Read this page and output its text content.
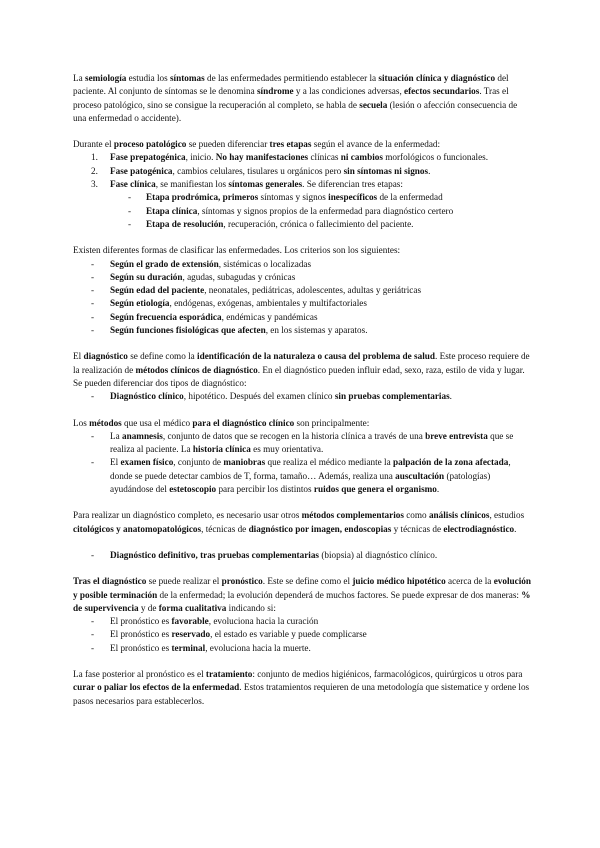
La semiología estudia los síntomas de las enfermedades permitiendo establecer la situación clínica y diagnóstico del paciente. Al conjunto de síntomas se le denomina síndrome y a las condiciones adversas, efectos secundarios. Tras el proceso patológico, sino se consigue la recuperación al completo, se habla de secuela (lesión o afección consecuencia de una enfermedad o accidente).

Durante el proceso patológico se pueden diferenciar tres etapas según el avance de la enfermedad:

1. Fase prepatogénica, inicio. No hay manifestaciones clínicas ni cambios morfológicos o funcionales.
2. Fase patogénica, cambios celulares, tisulares u orgánicos pero sin síntomas ni signos.
3. Fase clínica, se manifiestan los síntomas generales. Se diferencian tres etapas:
- Etapa prodrómica, primeros síntomas y signos inespecíficos de la enfermedad
- Etapa clínica, síntomas y signos propios de la enfermedad para diagnóstico certero
- Etapa de resolución, recuperación, crónica o fallecimiento del paciente.

Existen diferentes formas de clasificar las enfermedades. Los criterios son los siguientes:

- Según el grado de extensión, sistémicas o localizadas
- Según su duración, agudas, subagudas y crónicas
- Según edad del paciente, neonatales, pediátricas, adolescentes, adultas y geriátricas
- Según etiología, endógenas, exógenas, ambientales y multifactoriales
- Según frecuencia esporádica, endémicas y pandémicas
- Según funciones fisiológicas que afecten, en los sistemas y aparatos.

El diagnóstico se define como la identificación de la naturaleza o causa del problema de salud. Este proceso requiere de la realización de métodos clínicos de diagnóstico. En el diagnóstico pueden influir edad, sexo, raza, estilo de vida y lugar. Se pueden diferenciar dos tipos de diagnóstico:

- Diagnóstico clínico, hipotético. Después del examen clínico sin pruebas complementarias.

Los métodos que usa el médico para el diagnóstico clínico son principalmente:

- La anamnesis, conjunto de datos que se recogen en la historia clínica a través de una breve entrevista que se realiza al paciente. La historia clínica es muy orientativa.
- El examen físico, conjunto de maniobras que realiza el médico mediante la palpación de la zona afectada, donde se puede detectar cambios de T, forma, tamaño… Además, realiza una auscultación (patologías) ayudándose del estetoscopio para percibir los distintos ruidos que genera el organismo.

Para realizar un diagnóstico completo, es necesario usar otros métodos complementarios como análisis clínicos, estudios citológicos y anatomopatológicos, técnicas de diagnóstico por imagen, endoscopias y técnicas de electrodiagnóstico.

- Diagnóstico definitivo, tras pruebas complementarias (biopsia) al diagnóstico clínico.

Tras el diagnóstico se puede realizar el pronóstico. Este se define como el juicio médico hipotético acerca de la evolución y posible terminación de la enfermedad; la evolución dependerá de muchos factores. Se puede expresar de dos maneras: % de supervivencia y de forma cualitativa indicando si:

- El pronóstico es favorable, evoluciona hacia la curación
- El pronóstico es reservado, el estado es variable y puede complicarse
- El pronóstico es terminal, evoluciona hacia la muerte.

La fase posterior al pronóstico es el tratamiento: conjunto de medios higiénicos, farmacológicos, quirúrgicos u otros para curar o paliar los efectos de la enfermedad. Estos tratamientos requieren de una metodología que sistematice y ordene los pasos necesarios para establecerlos.
